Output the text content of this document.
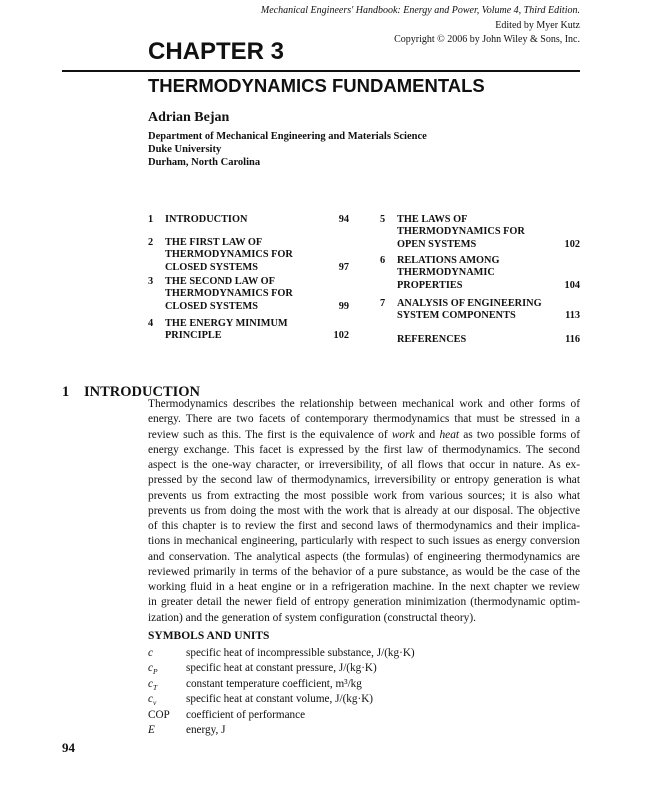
Mechanical Engineers' Handbook: Energy and Power, Volume 4, Third Edition.
Edited by Myer Kutz
Copyright © 2006 by John Wiley & Sons, Inc.
CHAPTER 3
THERMODYNAMICS FUNDAMENTALS
Adrian Bejan
Department of Mechanical Engineering and Materials Science
Duke University
Durham, North Carolina
1 INTRODUCTION	94
2 THE FIRST LAW OF
THERMODYNAMICS FOR
CLOSED SYSTEMS	97
3 THE SECOND LAW OF
THERMODYNAMICS FOR
CLOSED SYSTEMS	99
4 THE ENERGY MINIMUM
PRINCIPLE	102
5 THE LAWS OF
THERMODYNAMICS FOR
OPEN SYSTEMS	102
6 RELATIONS AMONG
THERMODYNAMIC
PROPERTIES	104
7 ANALYSIS OF ENGINEERING
SYSTEM COMPONENTS	113
REFERENCES	116
1 INTRODUCTION
Thermodynamics describes the relationship between mechanical work and other forms of
energy. There are two facets of contemporary thermodynamics that must be stressed in a
review such as this. The first is the equivalence of work and heat as two possible forms of
energy exchange. This facet is expressed by the first law of thermodynamics. The second
aspect is the one-way character, or irreversibility, of all flows that occur in nature. As ex-
pressed by the second law of thermodynamics, irreversibility or entropy generation is what
prevents us from extracting the most possible work from various sources; it is also what
prevents us from doing the most with the work that is already at our disposal. The objective
of this chapter is to review the first and second laws of thermodynamics and their implica-
tions in mechanical engineering, particularly with respect to such issues as energy conversion
and conservation. The analytical aspects (the formulas) of engineering thermodynamics are
reviewed primarily in terms of the behavior of a pure substance, as would be the case of the
working fluid in a heat engine or in a refrigeration machine. In the next chapter we review
in greater detail the newer field of entropy generation minimization (thermodynamic optim-
ization) and the generation of system configuration (constructal theory).
SYMBOLS AND UNITS
c	specific heat of incompressible substance, J/(kg·K)
$c_P$	specific heat at constant pressure, J/(kg·K)
$c_T$	constant temperature coefficient, m³/kg
$c_v$	specific heat at constant volume, J/(kg·K)
COP coefficient of performance
E	energy, J
94
